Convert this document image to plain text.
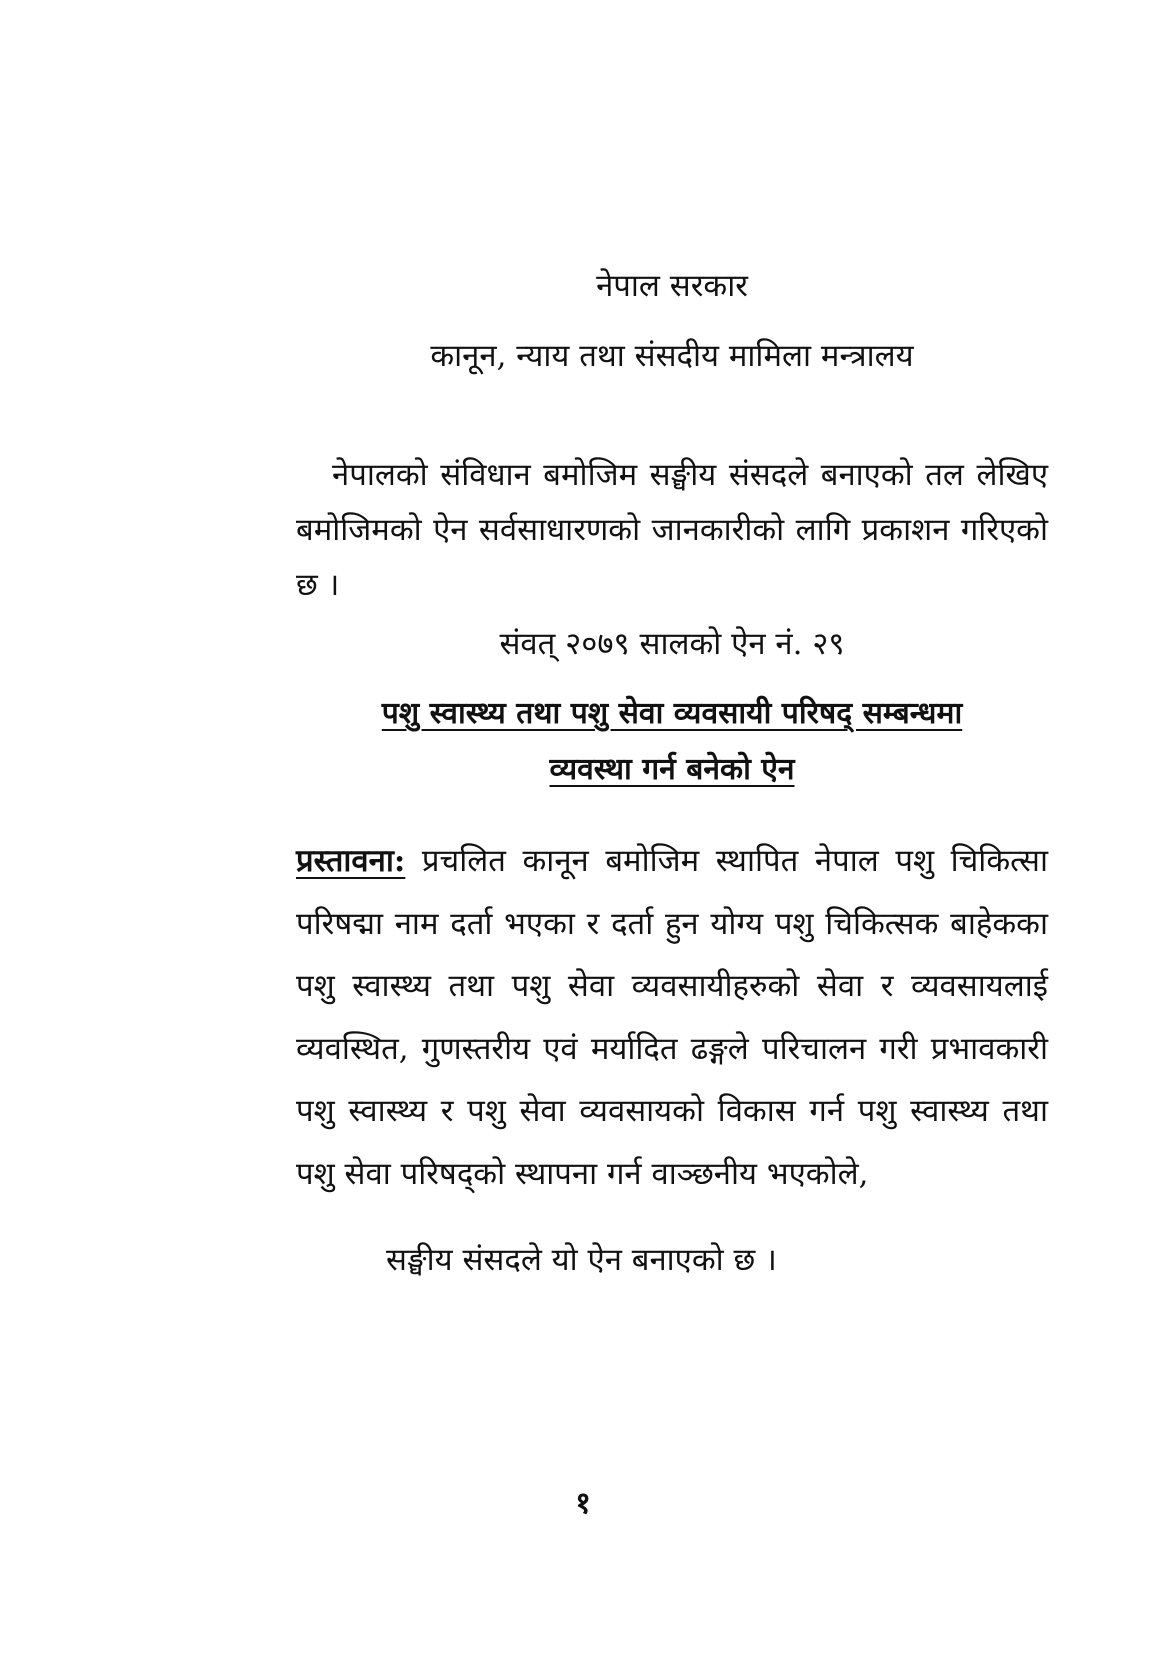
नेपाल सरकार
कानून, न्याय तथा संसदीय मामिला मन्त्रालय
नेपालको संविधान बमोजिम सङ्घीय संसदले बनाएको तल लेखिए बमोजिमको ऐन सर्वसाधारणको जानकारीको लागि प्रकाशन गरिएको छ ।
संवत् २०७९ सालको ऐन नं. २९
पशु स्वास्थ्य तथा पशु सेवा व्यवसायी परिषद् सम्बन्धमा
व्यवस्था गर्न बनेको ऐन
प्रस्तावना: प्रचलित कानून बमोजिम स्थापित नेपाल पशु चिकित्सा परिषद्मा नाम दर्ता भएका र दर्ता हुन योग्य पशु चिकित्सक बाहेकका पशु स्वास्थ्य तथा पशु सेवा व्यवसायीहरुको सेवा र व्यवसायलाई व्यवस्थित, गुणस्तरीय एवं मर्यादित ढङ्गले परिचालन गरी प्रभावकारी पशु स्वास्थ्य र पशु सेवा व्यवसायको विकास गर्न पशु स्वास्थ्य तथा पशु सेवा परिषद्को स्थापना गर्न वाञ्छनीय भएकोले,
सङ्घीय संसदले यो ऐन बनाएको छ ।
१
